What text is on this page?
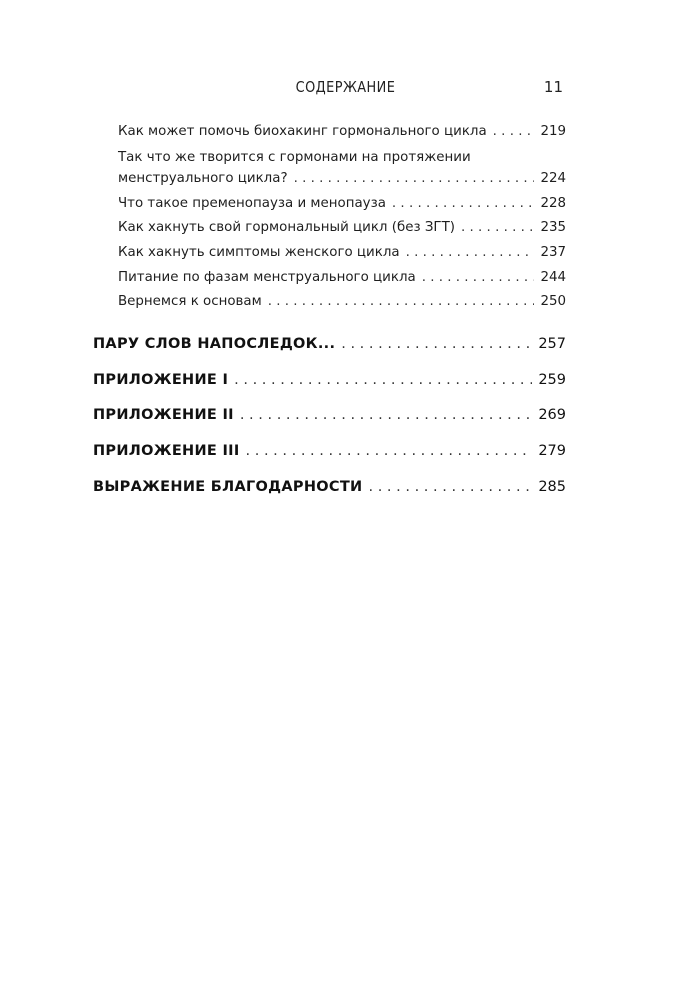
СОДЕРЖАНИЕ	11
Как может помочь биохакинг гормонального цикла . . .	219
Так что же творится с гормонами на протяжении
менструального цикла? . . .	224
Что такое пременопауза и менопауза . . .	228
Как хакнуть свой гормональный цикл (без ЗГТ) . . .	235
Как хакнуть симптомы женского цикла . . .	237
Питание по фазам менструального цикла . . .	244
Вернемся к основам . . .	250
ПАРУ СЛОВ НАПОСЛЕДОК... . . .	257
ПРИЛОЖЕНИЕ I . . .	259
ПРИЛОЖЕНИЕ II . . .	269
ПРИЛОЖЕНИЕ III . . .	279
ВЫРАЖЕНИЕ БЛАГОДАРНОСТИ . . .	285
